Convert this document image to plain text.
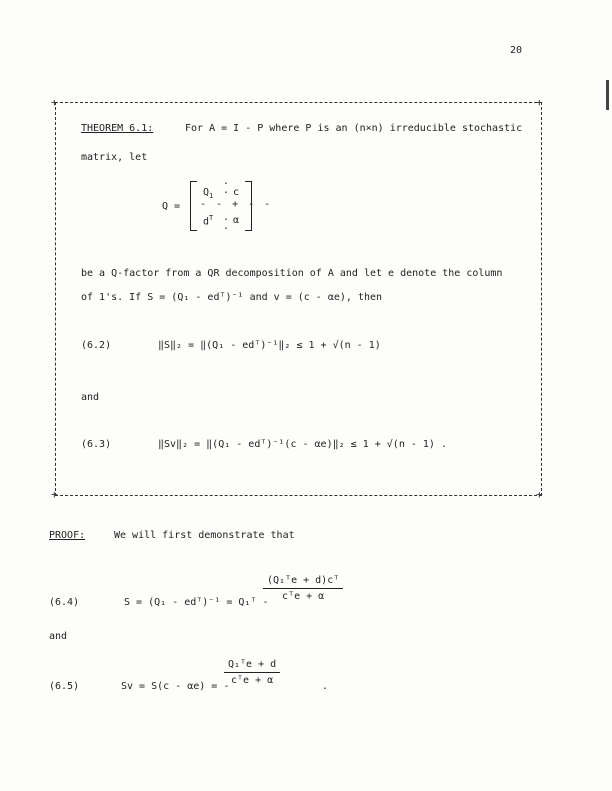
20
+	+
+	+
THEOREM 6.1:	For A = I - P where P is an (n×n) irreducible stochastic
matrix, let
Q =
$Q_1$ c
- - + - -
.
.

.
.
$d^T$ α
be a Q-factor from a QR decomposition of A and let e denote the column
of 1's. If S = (Q₁ - edᵀ)⁻¹ and v = (c - αe), then
(6.2)	‖S‖₂ = ‖(Q₁ - edᵀ)⁻¹‖₂ ≤ 1 + √(n - 1)
and
(6.3)	‖Sv‖₂ = ‖(Q₁ - edᵀ)⁻¹(c - αe)‖₂ ≤ 1 + √(n - 1) .
PROOF:	We will first demonstrate that
(6.4)	S = (Q₁ - edᵀ)⁻¹ = Q₁ᵀ -
(Q₁ᵀe + d)cᵀ
cᵀe + α
and
(6.5)	Sv = S(c - αe) = -
Q₁ᵀe + d
cᵀe + α
.
